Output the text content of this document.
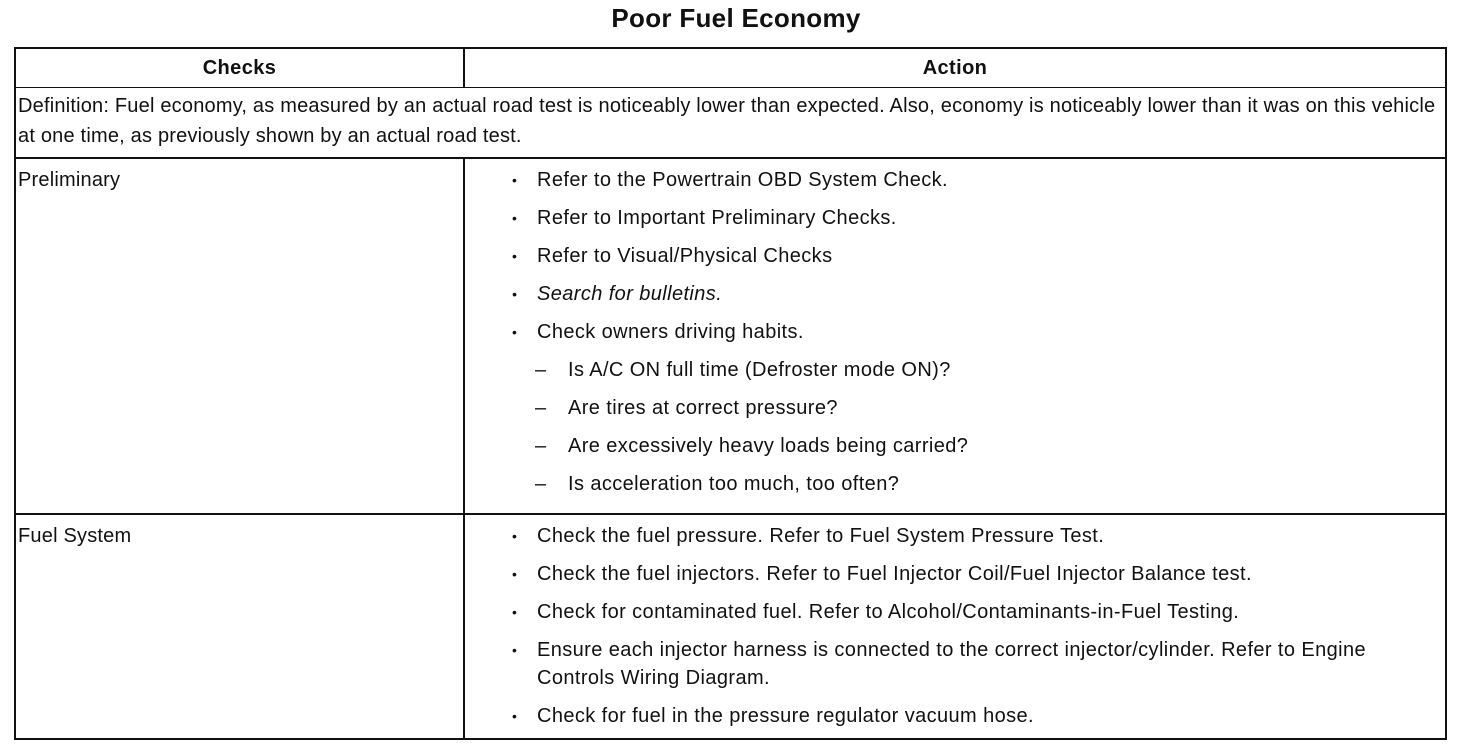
Poor Fuel Economy
Checks	Action
Definition: Fuel economy, as measured by an actual road test is noticeably lower than expected. Also, economy is noticeably lower than it was on this vehicle at one time, as previously shown by an actual road test.
Preliminary	• Refer to the Powertrain OBD System Check.
• Refer to Important Preliminary Checks.
• Refer to Visual/Physical Checks
• Search for bulletins.
• Check owners driving habits.
– Is A/C ON full time (Defroster mode ON)?
– Are tires at correct pressure?
– Are excessively heavy loads being carried?
– Is acceleration too much, too often?
Fuel System	• Check the fuel pressure. Refer to Fuel System Pressure Test.
• Check the fuel injectors. Refer to Fuel Injector Coil/Fuel Injector Balance test.
• Check for contaminated fuel. Refer to Alcohol/Contaminants-in-Fuel Testing.
• Ensure each injector harness is connected to the correct injector/cylinder. Refer to Engine Controls Wiring Diagram.
• Check for fuel in the pressure regulator vacuum hose.
